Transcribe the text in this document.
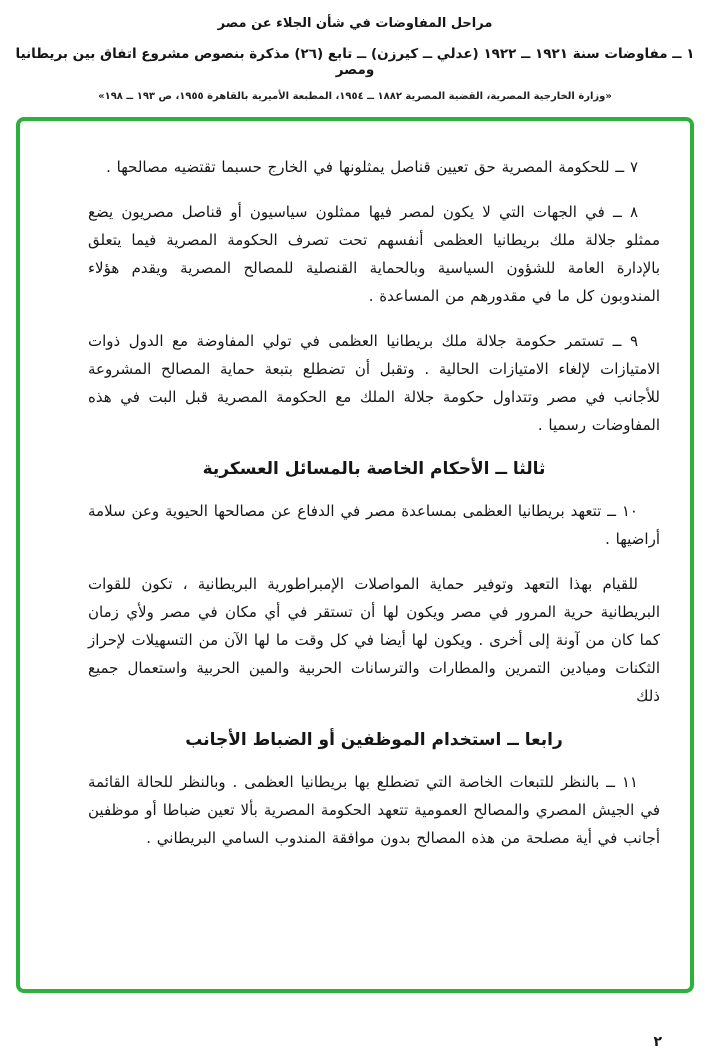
مراحل المفاوضات في شأن الجلاء عن مصر
١ ــ مفاوضات سنة ١٩٢١ ــ ١٩٢٢ (عدلي ــ كيرزن) ــ تابع (٢٦) مذكرة بنصوص مشروع اتفاق بين بريطانيا ومصر
«وزارة الخارجية المصرية، القضية المصرية ١٨٨٢ ــ ١٩٥٤، المطبعة الأميرية بالقاهرة ١٩٥٥، ص ١٩٣ ــ ١٩٨»

٧ ــ للحكومة المصرية حق تعيين قناصل يمثلونها في الخارج حسبما تقتضيه مصالحها .

٨ ــ في الجهات التي لا يكون لمصر فيها ممثلون سياسيون أو قناصل مصريون يضع ممثلو جلالة ملك بريطانيا العظمى أنفسهم تحت تصرف الحكومة المصرية فيما يتعلق بالإدارة العامة للشؤون السياسية وبالحماية القنصلية للمصالح المصرية ويقدم هؤلاء المندوبون كل ما في مقدورهم من المساعدة .

٩ ــ تستمر حكومة جلالة ملك بريطانيا العظمى في تولي المفاوضة مع الدول ذوات الامتيازات لإلغاء الامتيازات الحالية . وتقبل أن تضطلع بتبعة حماية المصالح المشروعة للأجانب في مصر وتتداول حكومة جلالة الملك مع الحكومة المصرية قبل البت في هذه المفاوضات رسميا .

ثالثا ــ الأحكام الخاصة بالمسائل العسكرية

١٠ ــ تتعهد بريطانيا العظمى بمساعدة مصر في الدفاع عن مصالحها الحيوية وعن سلامة أراضيها .

للقيام بهذا التعهد وتوفير حماية المواصلات الإمبراطورية البريطانية ، تكون للقوات البريطانية حرية المرور في مصر ويكون لها أن تستقر في أي مكان في مصر ولأي زمان كما كان من آونة إلى أخرى . ويكون لها أيضا في كل وقت ما لها الآن من التسهيلات لإحراز الثكنات وميادين التمرين والمطارات والترسانات الحربية والمين الحربية واستعمال جميع ذلك

رابعا ــ استخدام الموظفين أو الضباط الأجانب

١١ ــ بالنظر للتبعات الخاصة التي تضطلع بها بريطانيا العظمى . وبالنظر للحالة القائمة في الجيش المصري والمصالح العمومية تتعهد الحكومة المصرية بألا تعين ضباطا أو موظفين أجانب في أية مصلحة من هذه المصالح بدون موافقة المندوب السامي البريطاني .

٢
